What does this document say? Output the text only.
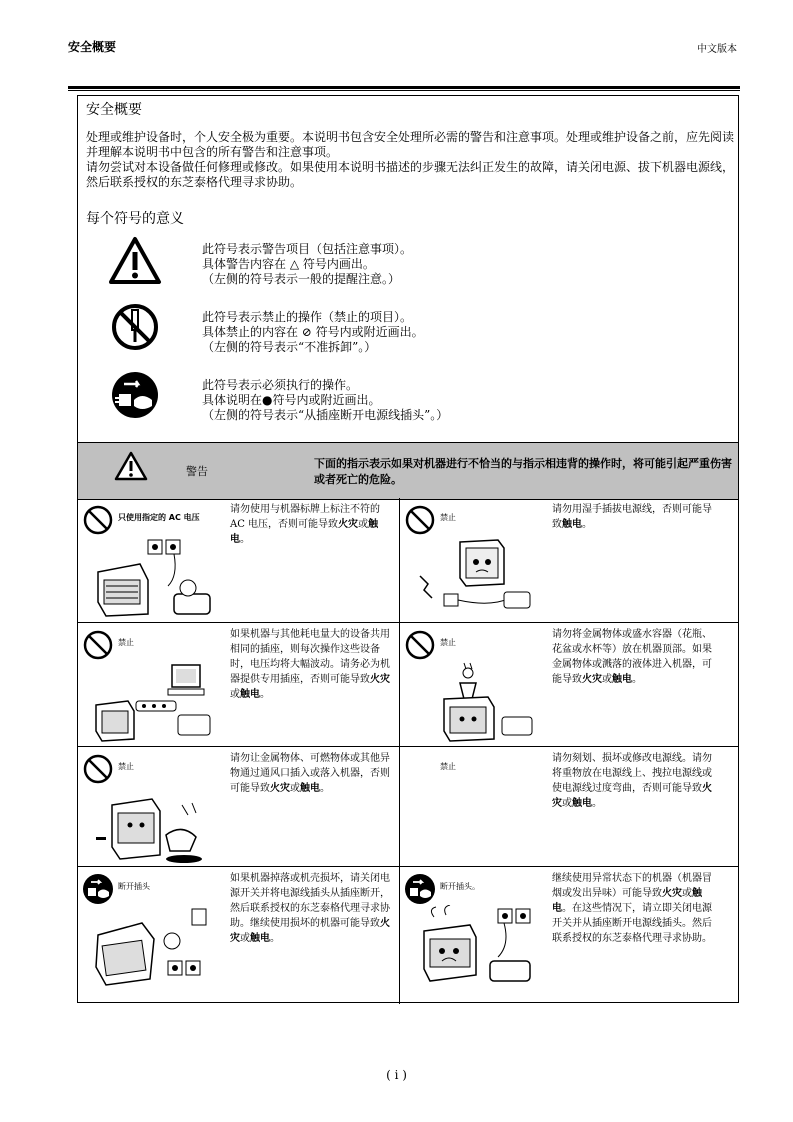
安全概要	中文版本
安全概要

处理或维护设备时，个人安全极为重要。本说明书包含安全处理所必需的警告和注意事项。处理或维护设备之前，应先阅读并理解本说明书中包含的所有警告和注意事项。

请勿尝试对本设备做任何修理或修改。如果使用本说明书描述的步骤无法纠正发生的故障，请关闭电源、拔下机器电源线，然后联系授权的东芝泰格代理寻求协助。

每个符号的意义

此符号表示警告项目（包括注意事项）。

具体警告内容在 △ 符号内画出。

（左侧的符号表示一般的提醒注意。）

此符号表示禁止的操作（禁止的项目）。

具体禁止的内容在 ⊘ 符号内或附近画出。

（左侧的符号表示“不准拆卸”。）

此符号表示必须执行的操作。

具体说明在●符号内或附近画出。

（左侧的符号表示“从插座断开电源线插头”。）

警告
下面的指示表示如果对机器进行不恰当的与指示相违背的操作时，将可能引起严重伤害或者死亡的危险。
只使用指定的 AC 电压
请勿使用与机器标牌上标注不符的 AC 电压，否则可能导致火灾或触电。
禁止
请勿用湿手插拔电源线，否则可能导致触电。
禁止
如果机器与其他耗电量大的设备共用相同的插座，则每次操作这些设备时，电压均将大幅波动。请务必为机器提供专用插座，否则可能导致火灾或触电。
禁止
请勿将金属物体或盛水容器（花瓶、花盆或水杯等）放在机器顶部。如果金属物体或溅落的液体进入机器，可能导致火灾或触电。
禁止
请勿让金属物体、可燃物体或其他异物通过通风口插入或落入机器，否则可能导致火灾或触电。
禁止
请勿刻划、损坏或修改电源线。请勿将重物放在电源线上、拽拉电源线或使电源线过度弯曲，否则可能导致火灾或触电。
断开插头
如果机器掉落或机壳损坏，请关闭电源开关并将电源线插头从插座断开，然后联系授权的东芝泰格代理寻求协助。继续使用损坏的机器可能导致火灾或触电。
断开插头。
继续使用异常状态下的机器（机器冒烟或发出异味）可能导致火灾或触电。在这些情况下，请立即关闭电源开关并从插座断开电源线插头。然后联系授权的东芝泰格代理寻求协助。
( i )
